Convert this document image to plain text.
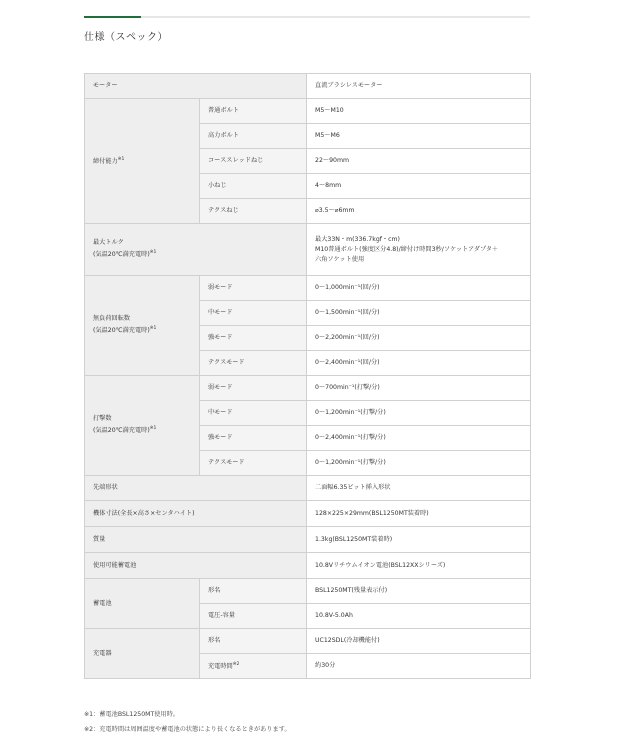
仕様（スペック）
モーター		直流ブラシレスモーター
締付能力$^{※1}$	普通ボルト	M5～M10
	高力ボルト	M5～M6
	コーススレッドねじ	22～90mm
	小ねじ	4～8mm
	テクスねじ	⌀3.5～⌀6mm
最大トルク
(気温20℃満充電時)$^{※1}$		最大33N・m(336.7kgf・cm)
M10普通ボルト(強度区分4.8)/締付け時間3秒/ソケットアダプタ＋
六角ソケット使用
無負荷回転数
(気温20℃満充電時)$^{※1}$	弱モード	0～1,000min⁻¹(回/分)
	中モード	0～1,500min⁻¹(回/分)
	強モード	0～2,200min⁻¹(回/分)
	テクスモード	0～2,400min⁻¹(回/分)
打撃数
(気温20℃満充電時)$^{※1}$	弱モード	0～700min⁻¹(打撃/分)
	中モード	0～1,200min⁻¹(打撃/分)
	強モード	0～2,400min⁻¹(打撃/分)
	テクスモード	0～1,200min⁻¹(打撃/分)
先端形状		二面幅6.35ビット挿入形状
機体寸法(全長×高さ×センタハイト)		128×225×29mm(BSL1250MT装着時)
質量		1.3kg(BSL1250MT装着時)
使用可能蓄電池		10.8Vリチウムイオン電池(BSL12XXシリーズ)
蓄電池	形名	BSL1250MT(残量表示付)
	電圧-容量	10.8V-5.0Ah
充電器	形名	UC12SDL(冷却機能付)
	充電時間$^{※2}$	約30分
※1：蓄電池BSL1250MT使用時。
※2：充電時間は周囲温度や蓄電池の状態により長くなるときがあります。
